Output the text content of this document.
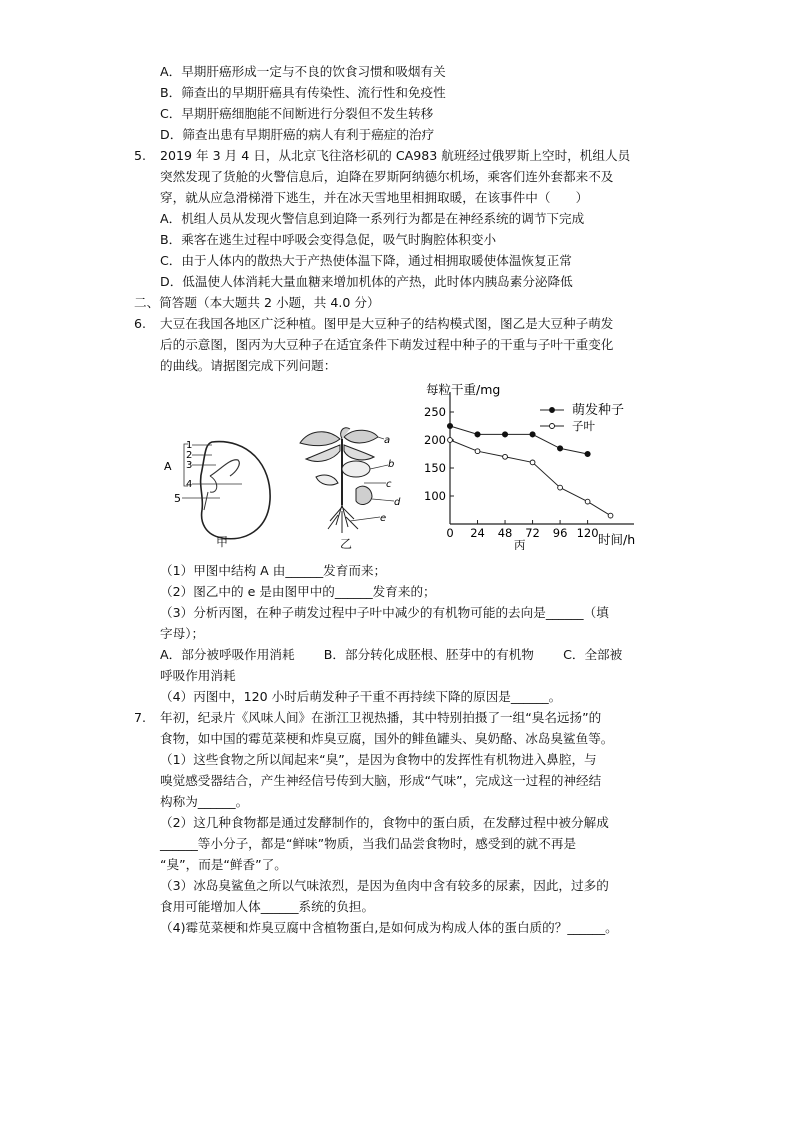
A．早期肝癌形成一定与不良的饮食习惯和吸烟有关
B．筛查出的早期肝癌具有传染性、流行性和免疫性
C．早期肝癌细胞能不间断进行分裂但不发生转移
D．筛查出患有早期肝癌的病人有利于癌症的治疗
5. 2019 年 3 月 4 日，从北京飞往洛杉矶的 CA983 航班经过俄罗斯上空时，机组人员
突然发现了货舱的火警信息后，迫降在罗斯阿纳德尔机场，乘客们连外套都来不及
穿，就从应急滑梯滑下逃生，并在冰天雪地里相拥取暖，在该事件中（　　）
A．机组人员从发现火警信息到迫降一系列行为都是在神经系统的调节下完成
B．乘客在逃生过程中呼吸会变得急促，吸气时胸腔体积变小
C．由于人体内的散热大于产热使体温下降，通过相拥取暖使体温恢复正常
D．低温使人体消耗大量血糖来增加机体的产热，此时体内胰岛素分泌降低
二、简答题（本大题共 2 小题，共 4.0 分）
6. 大豆在我国各地区广泛种植。图甲是大豆种子的结构模式图，图乙是大豆种子萌发
后的示意图，图丙为大豆种子在适宜条件下萌发过程中种子的干重与子叶干重变化
的曲线。请据图完成下列问题：
A
1
2
3
4
5
甲
a
b
c
d
e
乙
每粒干重/mg
时间/h
丙
0 24 48 72 96 120
100
150
200
250	萌发种子
子叶
（1）甲图中结构 A 由______发育而来；
（2）图乙中的 e 是由图甲中的______发育来的；
（3）分析丙图，在种子萌发过程中子叶中减少的有机物可能的去向是______（填
字母）；
A．部分被呼吸作用消耗　　 B．部分转化成胚根、胚芽中的有机物　　 C．全部被
呼吸作用消耗
（4）丙图中，120 小时后萌发种子干重不再持续下降的原因是______。
7. 年初，纪录片《风味人间》在浙江卫视热播，其中特别拍摄了一组“臭名远扬”的
食物，如中国的霉苋菜梗和炸臭豆腐，国外的鲱鱼罐头、臭奶酪、冰岛臭鲨鱼等。
（1）这些食物之所以闻起来“臭”，是因为食物中的发挥性有机物进入鼻腔，与
嗅觉感受器结合，产生神经信号传到大脑，形成“气味”，完成这一过程的神经结
构称为______。
（2）这几种食物都是通过发酵制作的，食物中的蛋白质，在发酵过程中被分解成
______等小分子，都是“鲜味”物质，当我们品尝食物时，感受到的就不再是
“臭”，而是“鲜香”了。
（3）冰岛臭鲨鱼之所以气味浓烈，是因为鱼肉中含有较多的尿素，因此，过多的
食用可能增加人体______系统的负担。
（4)霉苋菜梗和炸臭豆腐中含植物蛋白,是如何成为构成人体的蛋白质的？______。
